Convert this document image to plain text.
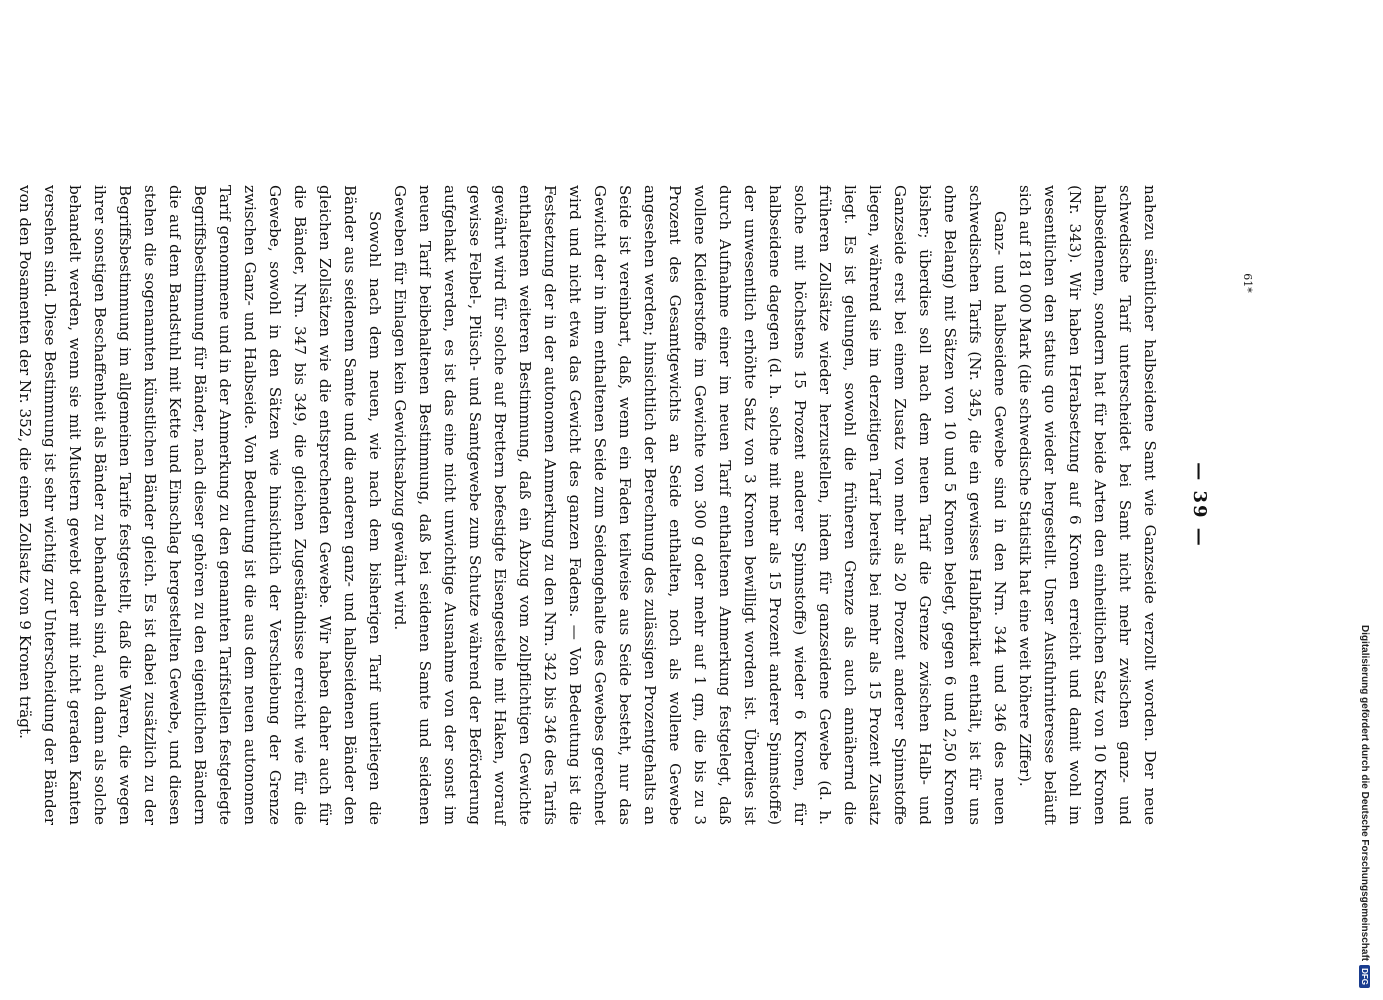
— 39 —

nahezu sämtlicher halbseidene Samt wie Ganzseide verzollt worden. Der neue schwedische Tarif unterscheidet bei Samt nicht mehr zwischen ganz- und halbseidenem, sondern hat für beide Arten den einheitlichen Satz von 10 Kronen (Nr. 343). Wir haben Herabsetzung auf 6 Kronen erreicht und damit wohl im wesentlichen den status quo wieder hergestellt. Unser Ausfuhrinteresse beläuft sich auf 181 000 Mark (die schwedische Statistik hat eine weit höhere Ziffer).

Ganz- und halbseidene Gewebe sind in den Nrn. 344 und 346 des neuen schwedischen Tarifs (Nr. 345, die ein gewisses Halbfabrikat enthält, ist für uns ohne Belang) mit Sätzen von 10 und 5 Kronen belegt, gegen 6 und 2,50 Kronen bisher; überdies soll nach dem neuen Tarif die Grenze zwischen Halb- und Ganzseide erst bei einem Zusatz von mehr als 20 Prozent anderer Spinnstoffe liegen, während sie im derzeitigen Tarif bereits bei mehr als 15 Prozent Zusatz liegt. Es ist gelungen, sowohl die früheren Grenze als auch annähernd die früheren Zollsätze wieder herzustellen, indem für ganzseidene Gewebe (d. h. solche mit höchstens 15 Prozent anderer Spinnstoffe) wieder 6 Kronen, für halbseidene dagegen (d. h. solche mit mehr als 15 Prozent anderer Spinnstoffe) der unwesentlich erhöhte Satz von 3 Kronen bewilligt worden ist. Überdies ist durch Aufnahme einer im neuen Tarif enthaltenen Anmerkung festgelegt, daß wollene Kleiderstoffe im Gewichte von 300 g oder mehr auf 1 qm, die bis zu 3 Prozent des Gesamtgewichts an Seide enthalten, noch als wollene Gewebe angesehen werden; hinsichtlich der Berechnung des zulässigen Prozentgehalts an Seide ist vereinbart, daß, wenn ein Faden teilweise aus Seide besteht, nur das Gewicht der in ihm enthaltenen Seide zum Seidengehalte des Gewebes gerechnet wird und nicht etwa das Gewicht des ganzen Fadens. — Von Bedeutung ist die Festsetzung der in der autonomen Anmerkung zu den Nrn. 342 bis 346 des Tarifs enthaltenen weiteren Bestimmung, daß ein Abzug vom zollpflichtigen Gewichte gewährt wird für solche auf Brettern befestigte Eisengestelle mit Haken, worauf gewisse Felbel-, Plüsch- und Samtgewebe zum Schutze während der Beförderung aufgehakt werden, es ist das eine nicht unwichtige Ausnahme von der sonst im neuen Tarif beibehaltenen Bestimmung, daß bei seidenen Samte und seidenen Geweben für Einlagen kein Gewichtsabzug gewährt wird.

Sowohl nach dem neuen, wie nach dem bisherigen Tarif unterliegen die Bänder aus seidenem Samte und die anderen ganz- und halbseidenen Bänder den gleichen Zollsätzen wie die entsprechenden Gewebe. Wir haben daher auch für die Bänder, Nrn. 347 bis 349, die gleichen Zugeständnisse erreicht wie für die Gewebe, sowohl in den Sätzen wie hinsichtlich der Verschiebung der Grenze zwischen Ganz- und Halbseide. Von Bedeutung ist die aus dem neuen autonomen Tarif genommene und in der Anmerkung zu den genannten Tarifstellen festgelegte Begriffsbestimmung für Bänder, nach dieser gehören zu den eigentlichen Bändern die auf dem Bandstuhl mit Kette und Einschlag hergestellten Gewebe, und diesen stehen die sogenannten künstlichen Bänder gleich. Es ist dabei zusätzlich zu der Begriffsbestimmung im allgemeinen Tarife festgestellt, daß die Waren, die wegen ihrer sonstigen Beschaffenheit als Bänder zu behandeln sind, auch dann als solche behandelt werden, wenn sie mit Mustern gewebt oder mit nicht geraden Kanten versehen sind. Diese Bestimmung ist sehr wichtig zur Unterscheidung der Bänder von den Posamenten der Nr. 352, die einen Zollsatz von 9 Kronen trägt.	61*
Digitalisierung gefördert durch die Deutsche Forschungsgemeinschaft
DFG
